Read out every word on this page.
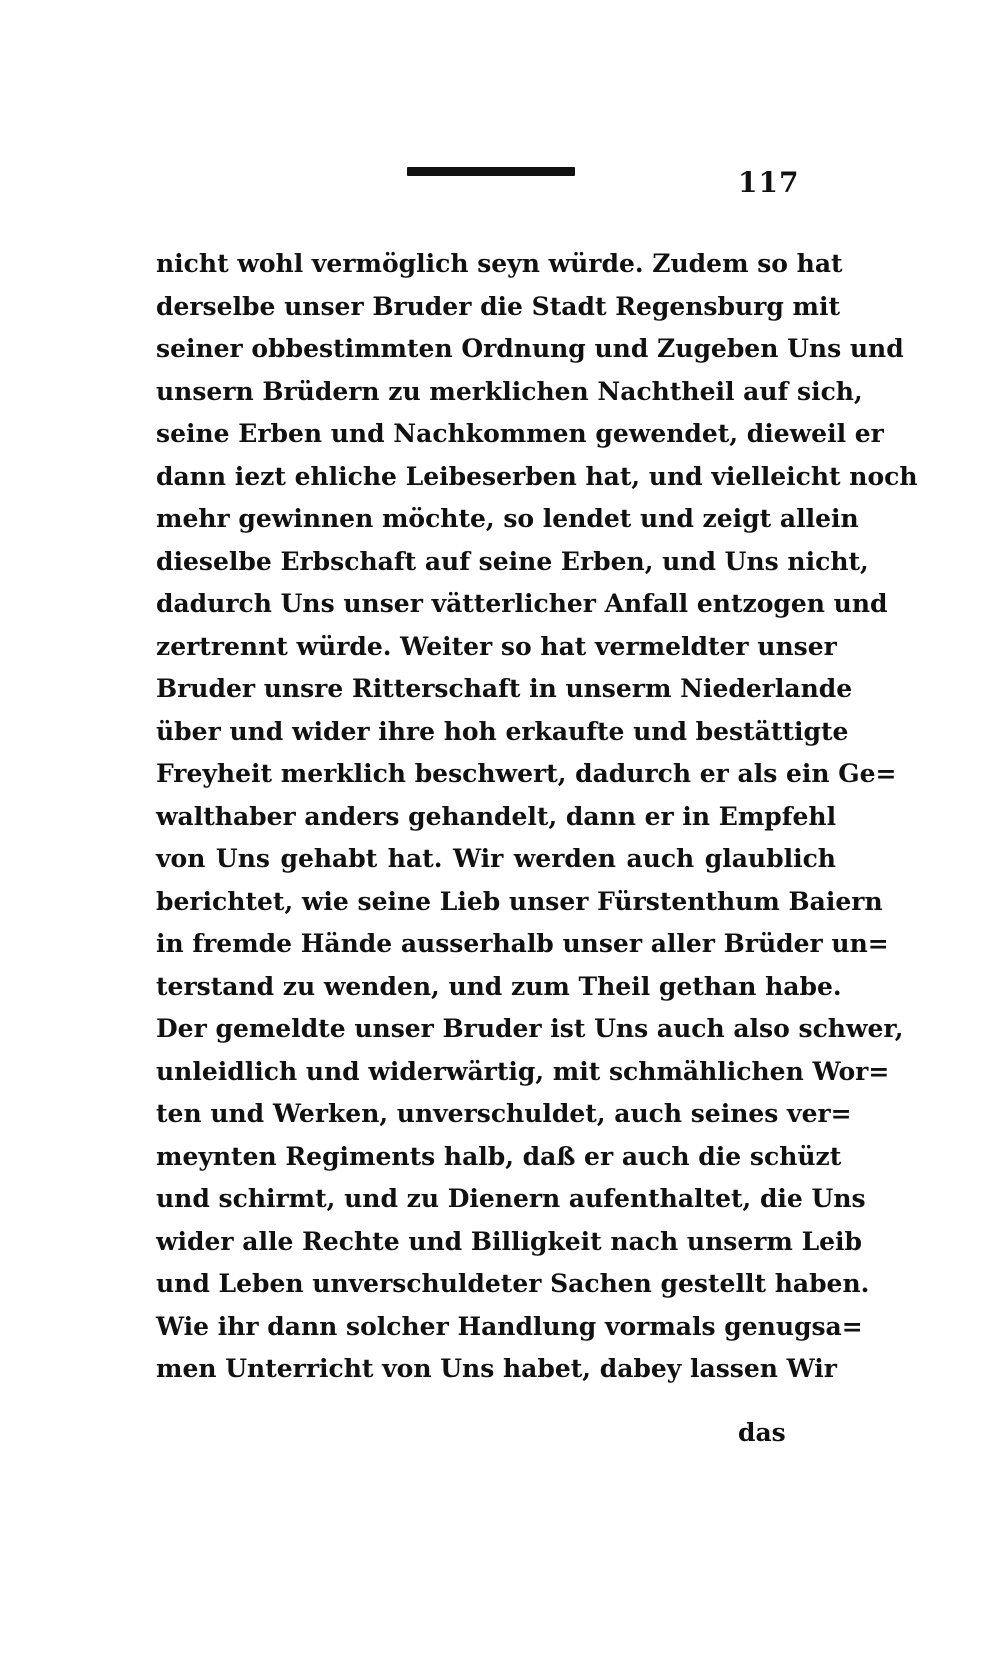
117
nicht wohl vermöglich seyn würde. Zudem so hat
derselbe unser Bruder die Stadt Regensburg mit
seiner obbestimmten Ordnung und Zugeben Uns und
unsern Brüdern zu merklichen Nachtheil auf sich,
seine Erben und Nachkommen gewendet, dieweil er
dann iezt ehliche Leibeserben hat, und vielleicht noch
mehr gewinnen möchte, so lendet und zeigt allein
dieselbe Erbschaft auf seine Erben, und Uns nicht,
dadurch Uns unser vätterlicher Anfall entzogen und
zertrennt würde. Weiter so hat vermeldter unser
Bruder unsre Ritterschaft in unserm Niederlande
über und wider ihre hoh erkaufte und bestättigte
Freyheit merklich beschwert, dadurch er als ein Ge=
walthaber anders gehandelt, dann er in Empfehl
von Uns gehabt hat. Wir werden auch glaublich
berichtet, wie seine Lieb unser Fürstenthum Baiern
in fremde Hände ausserhalb unser aller Brüder un=
terstand zu wenden, und zum Theil gethan habe.
Der gemeldte unser Bruder ist Uns auch also schwer,
unleidlich und widerwärtig, mit schmählichen Wor=
ten und Werken, unverschuldet, auch seines ver=
meynten Regiments halb, daß er auch die schüzt
und schirmt, und zu Dienern aufenthaltet, die Uns
wider alle Rechte und Billigkeit nach unserm Leib
und Leben unverschuldeter Sachen gestellt haben.
Wie ihr dann solcher Handlung vormals genugsa=
men Unterricht von Uns habet, dabey lassen Wir
das
